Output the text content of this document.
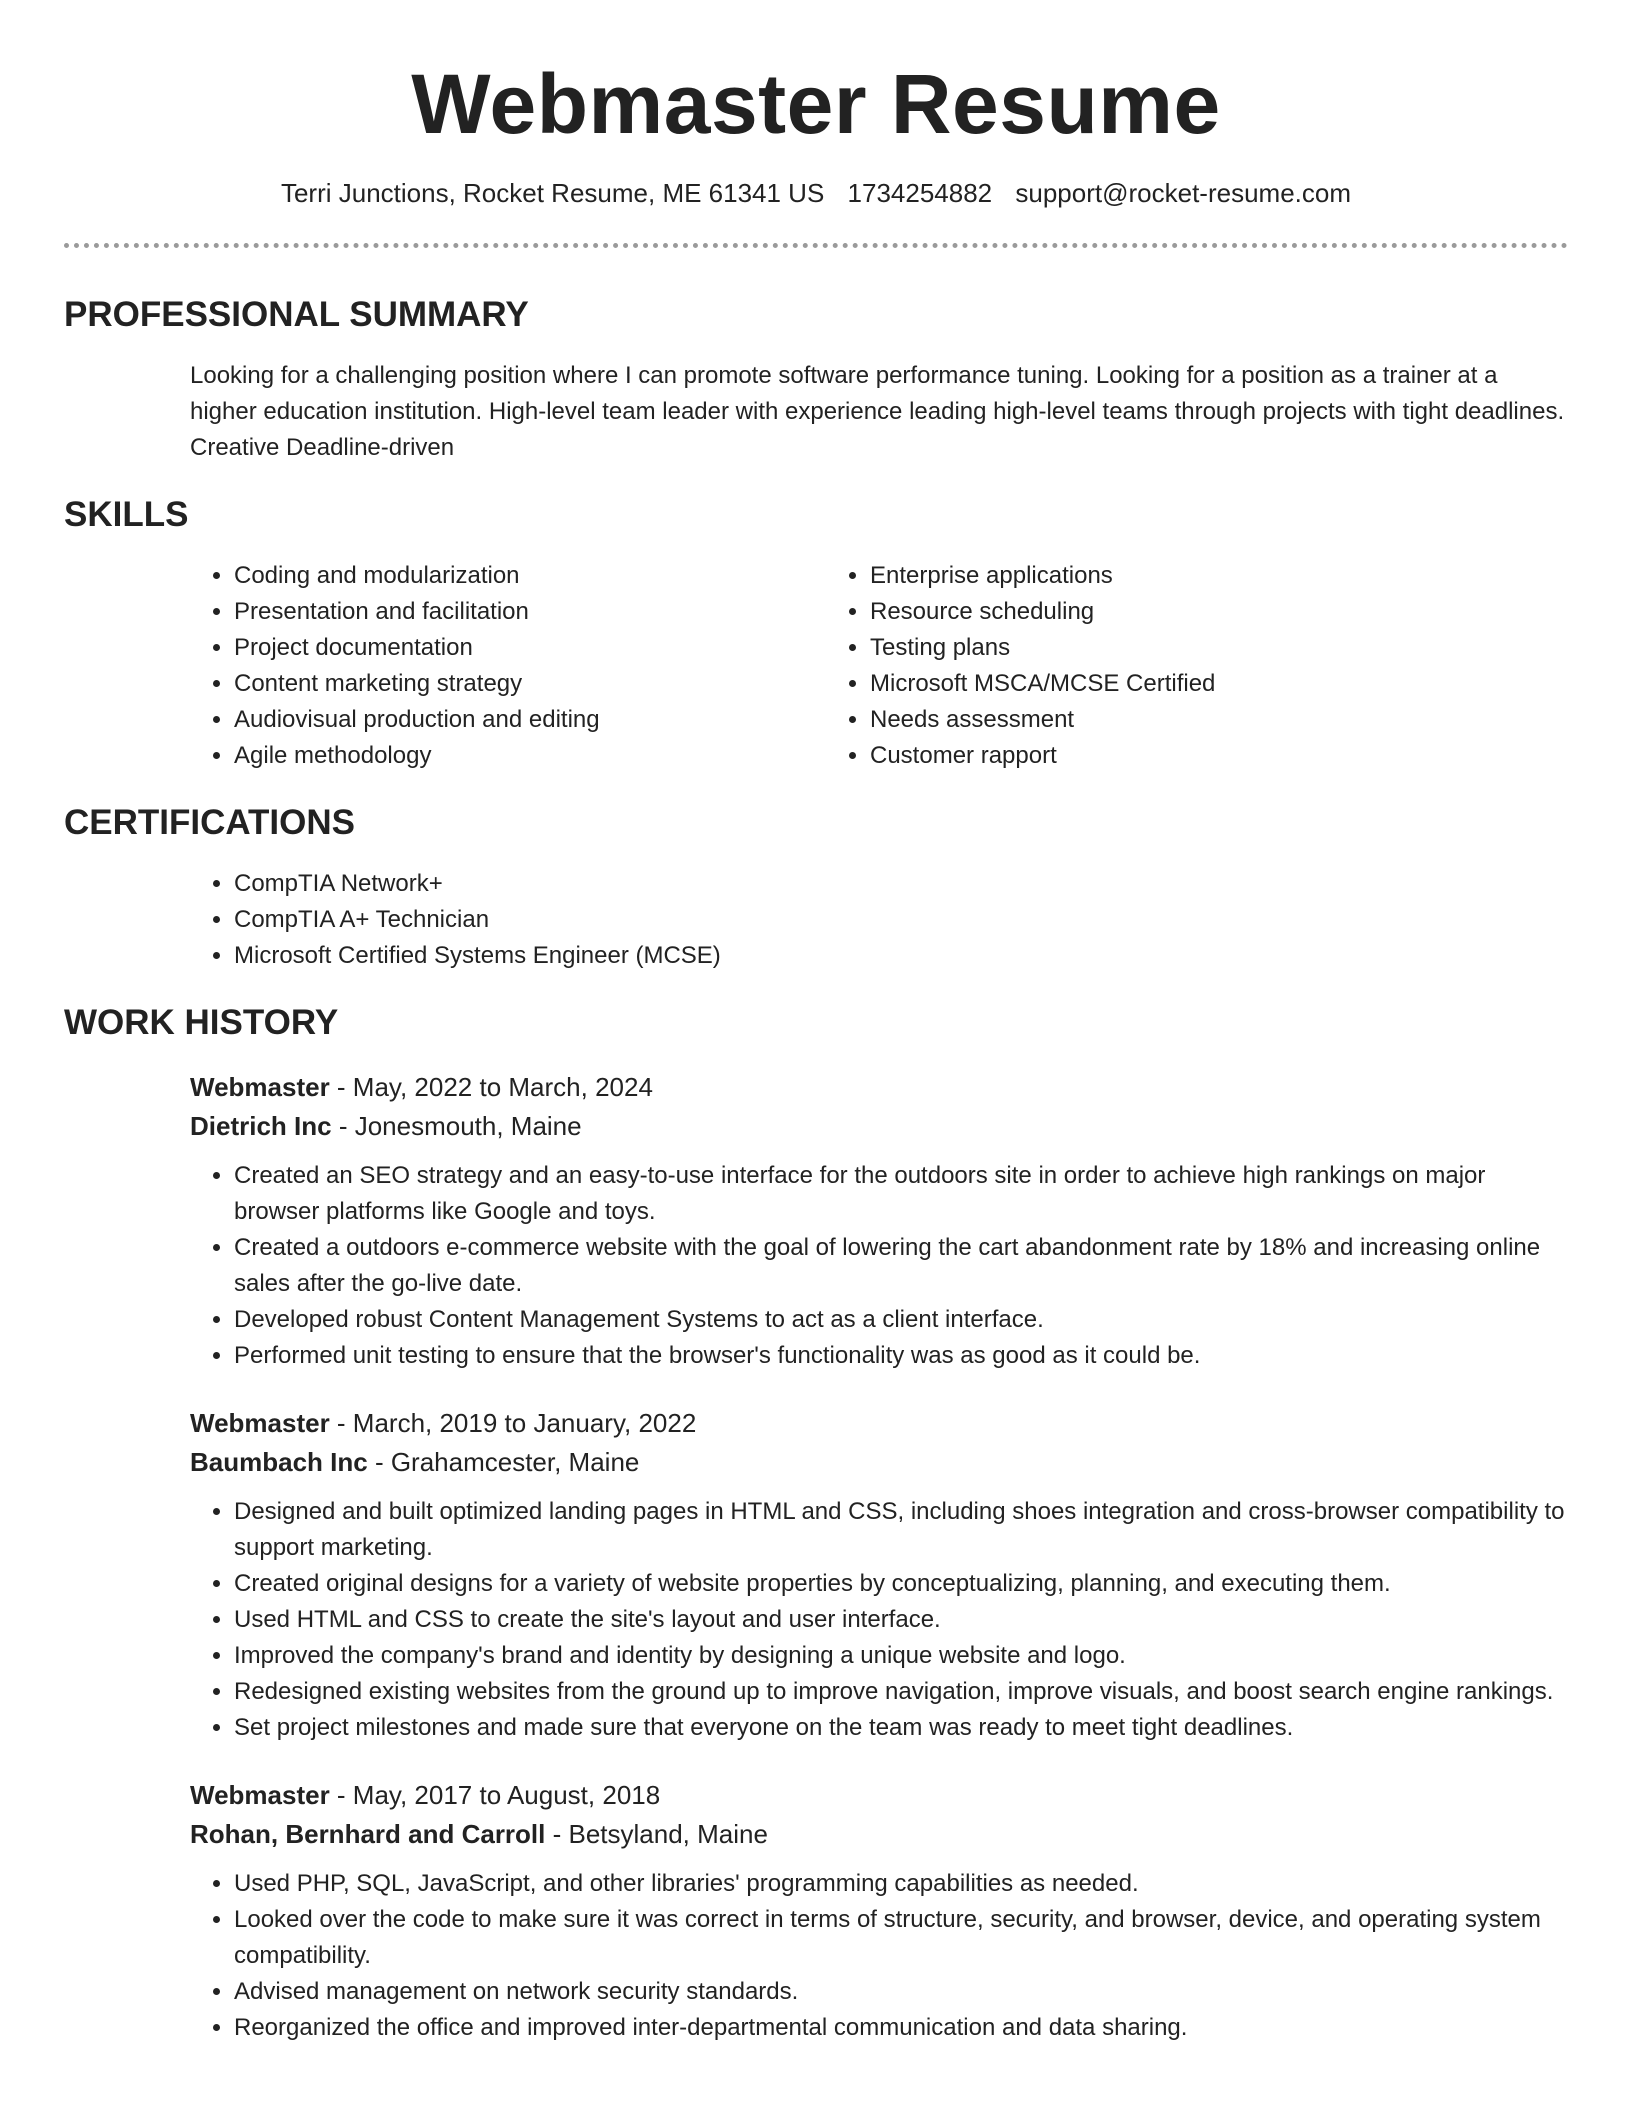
Webmaster Resume
Terri Junctions, Rocket Resume, ME 61341 US 1734254882 support@rocket-resume.com
PROFESSIONAL SUMMARY

Looking for a challenging position where I can promote software performance tuning. Looking for a position as a trainer at a higher education institution. High-level team leader with experience leading high-level teams through projects with tight deadlines. Creative Deadline-driven

SKILLS
• Coding and modularization
• Presentation and facilitation
• Project documentation
• Content marketing strategy
• Audiovisual production and editing
• Agile methodology
• Enterprise applications
• Resource scheduling
• Testing plans
• Microsoft MSCA/MCSE Certified
• Needs assessment
• Customer rapport
CERTIFICATIONS
• CompTIA Network+
• CompTIA A+ Technician
• Microsoft Certified Systems Engineer (MCSE)
WORK HISTORY
Webmaster - May, 2022 to March, 2024
Dietrich Inc - Jonesmouth, Maine
• Created an SEO strategy and an easy-to-use interface for the outdoors site in order to achieve high rankings on major browser platforms like Google and toys.
• Created a outdoors e-commerce website with the goal of lowering the cart abandonment rate by 18% and increasing online sales after the go-live date.
• Developed robust Content Management Systems to act as a client interface.
• Performed unit testing to ensure that the browser's functionality was as good as it could be.
Webmaster - March, 2019 to January, 2022
Baumbach Inc - Grahamcester, Maine
• Designed and built optimized landing pages in HTML and CSS, including shoes integration and cross-browser compatibility to support marketing.
• Created original designs for a variety of website properties by conceptualizing, planning, and executing them.
• Used HTML and CSS to create the site's layout and user interface.
• Improved the company's brand and identity by designing a unique website and logo.
• Redesigned existing websites from the ground up to improve navigation, improve visuals, and boost search engine rankings.
• Set project milestones and made sure that everyone on the team was ready to meet tight deadlines.
Webmaster - May, 2017 to August, 2018
Rohan, Bernhard and Carroll - Betsyland, Maine
• Used PHP, SQL, JavaScript, and other libraries' programming capabilities as needed.
• Looked over the code to make sure it was correct in terms of structure, security, and browser, device, and operating system compatibility.
• Advised management on network security standards.
• Reorganized the office and improved inter-departmental communication and data sharing.
